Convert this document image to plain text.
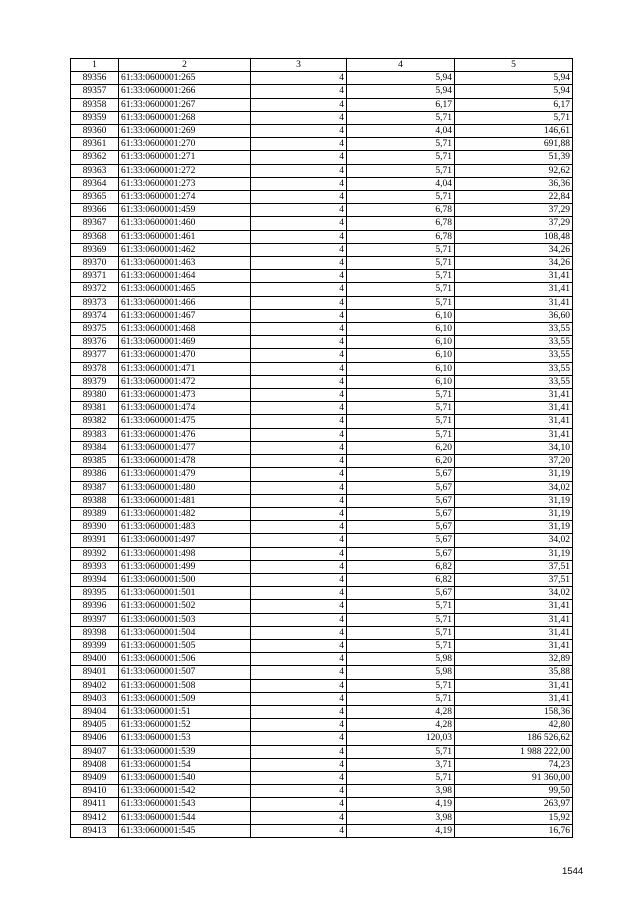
1	2	3	4	5
89356	61:33:0600001:265	4	5,94	5,94
89357	61:33:0600001:266	4	5,94	5,94
89358	61:33:0600001:267	4	6,17	6,17
89359	61:33:0600001:268	4	5,71	5,71
89360	61:33:0600001:269	4	4,04	146,61
89361	61:33:0600001:270	4	5,71	691,88
89362	61:33:0600001:271	4	5,71	51,39
89363	61:33:0600001:272	4	5,71	92,62
89364	61:33:0600001:273	4	4,04	36,36
89365	61:33:0600001:274	4	5,71	22,84
89366	61:33:0600001:459	4	6,78	37,29
89367	61:33:0600001:460	4	6,78	37,29
89368	61:33:0600001:461	4	6,78	108,48
89369	61:33:0600001:462	4	5,71	34,26
89370	61:33:0600001:463	4	5,71	34,26
89371	61:33:0600001:464	4	5,71	31,41
89372	61:33:0600001:465	4	5,71	31,41
89373	61:33:0600001:466	4	5,71	31,41
89374	61:33:0600001:467	4	6,10	36,60
89375	61:33:0600001:468	4	6,10	33,55
89376	61:33:0600001:469	4	6,10	33,55
89377	61:33:0600001:470	4	6,10	33,55
89378	61:33:0600001:471	4	6,10	33,55
89379	61:33:0600001:472	4	6,10	33,55
89380	61:33:0600001:473	4	5,71	31,41
89381	61:33:0600001:474	4	5,71	31,41
89382	61:33:0600001:475	4	5,71	31,41
89383	61:33:0600001:476	4	5,71	31,41
89384	61:33:0600001:477	4	6,20	34,10
89385	61:33:0600001:478	4	6,20	37,20
89386	61:33:0600001:479	4	5,67	31,19
89387	61:33:0600001:480	4	5,67	34,02
89388	61:33:0600001:481	4	5,67	31,19
89389	61:33:0600001:482	4	5,67	31,19
89390	61:33:0600001:483	4	5,67	31,19
89391	61:33:0600001:497	4	5,67	34,02
89392	61:33:0600001:498	4	5,67	31,19
89393	61:33:0600001:499	4	6,82	37,51
89394	61:33:0600001:500	4	6,82	37,51
89395	61:33:0600001:501	4	5,67	34,02
89396	61:33:0600001:502	4	5,71	31,41
89397	61:33:0600001:503	4	5,71	31,41
89398	61:33:0600001:504	4	5,71	31,41
89399	61:33:0600001:505	4	5,71	31,41
89400	61:33:0600001:506	4	5,98	32,89
89401	61:33:0600001:507	4	5,98	35,88
89402	61:33:0600001:508	4	5,71	31,41
89403	61:33:0600001:509	4	5,71	31,41
89404	61:33:0600001:51	4	4,28	158,36
89405	61:33:0600001:52	4	4,28	42,80
89406	61:33:0600001:53	4	120,03	186 526,62
89407	61:33:0600001:539	4	5,71	1 988 222,00
89408	61:33:0600001:54	4	3,71	74,23
89409	61:33:0600001:540	4	5,71	91 360,00
89410	61:33:0600001:542	4	3,98	99,50
89411	61:33:0600001:543	4	4,19	263,97
89412	61:33:0600001:544	4	3,98	15,92
89413	61:33:0600001:545	4	4,19	16,76
1544
